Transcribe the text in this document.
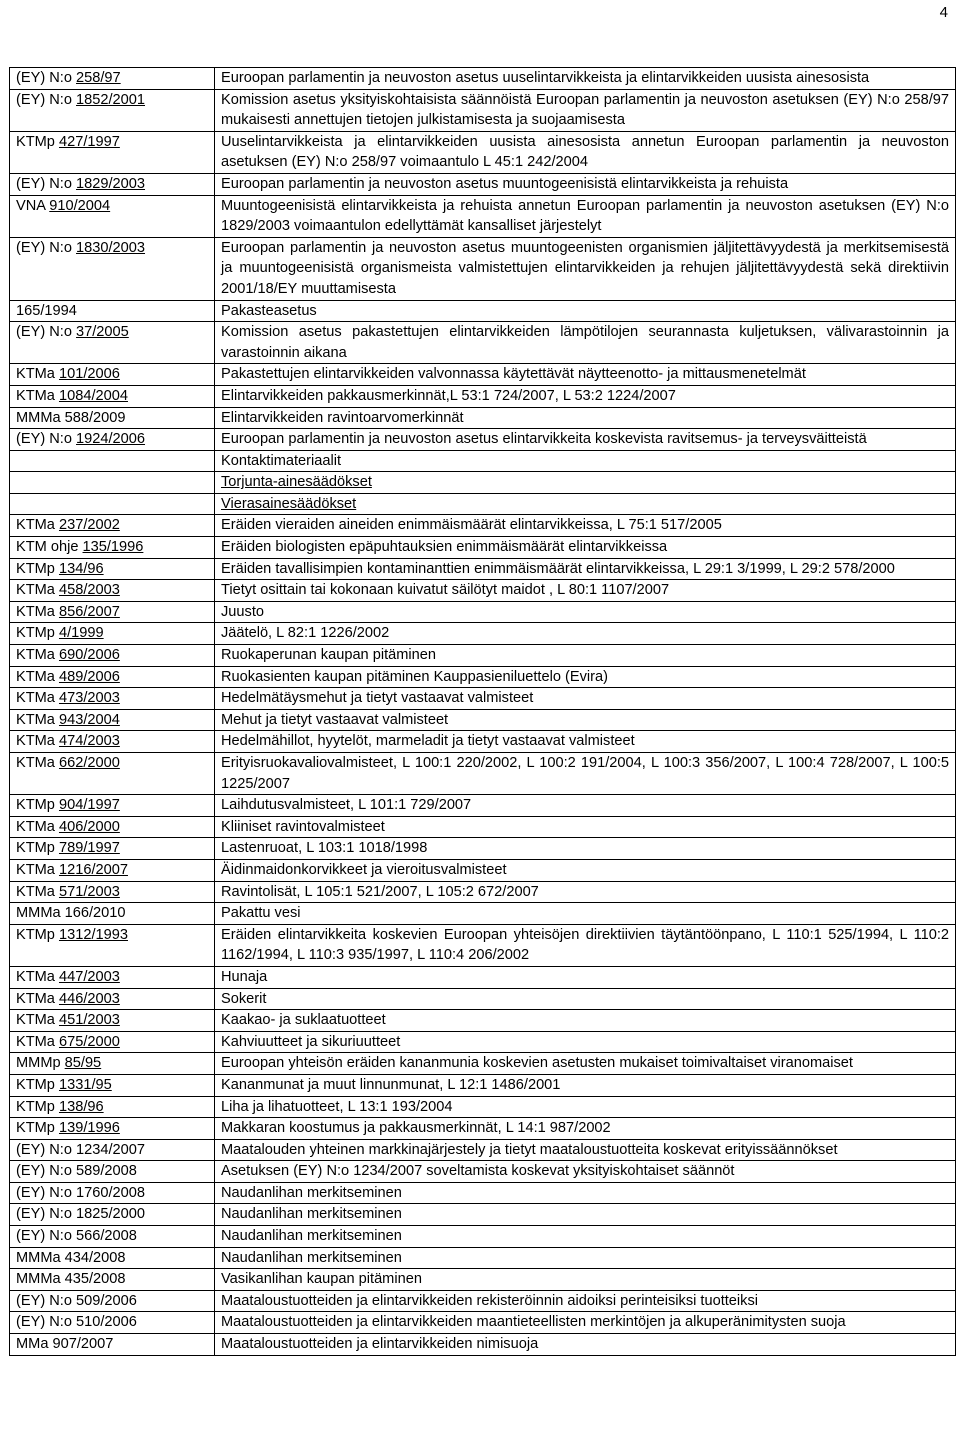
4
(EY) N:o 258/97	Euroopan parlamentin ja neuvoston asetus uuselintarvikkeista ja elintarvikkeiden uusista ainesosista
(EY) N:o 1852/2001	Komission asetus yksityiskohtaisista säännöistä Euroopan parlamentin ja neuvoston asetuksen (EY) N:o 258/97 mukaisesti annettujen tietojen julkistamisesta ja suojaamisesta
KTMp 427/1997	Uuselintarvikkeista ja elintarvikkeiden uusista ainesosista annetun Euroopan parlamentin ja neuvoston asetuksen (EY) N:o 258/97 voimaantulo L 45:1 242/2004
(EY) N:o 1829/2003	Euroopan parlamentin ja neuvoston asetus muuntogeenisistä elintarvikkeista ja rehuista
VNA 910/2004	Muuntogeenisistä elintarvikkeista ja rehuista annetun Euroopan parlamentin ja neuvoston asetuksen (EY) N:o 1829/2003 voimaantulon edellyttämät kansalliset järjestelyt
(EY) N:o 1830/2003	Euroopan parlamentin ja neuvoston asetus muuntogeenisten organismien jäljitettävyydestä ja merkitsemisestä ja muuntogeenisistä organismeista valmistettujen elintarvikkeiden ja rehujen jäljitettävyydestä sekä direktiivin 2001/18/EY muuttamisesta
165/1994	Pakasteasetus
(EY) N:o 37/2005	Komission asetus pakastettujen elintarvikkeiden lämpötilojen seurannasta kuljetuksen, välivarastoinnin ja varastoinnin aikana
KTMa 101/2006	Pakastettujen elintarvikkeiden valvonnassa käytettävät näytteenotto- ja mittausmenetelmät
KTMa 1084/2004	Elintarvikkeiden pakkausmerkinnät,L 53:1 724/2007, L 53:2 1224/2007
MMMa 588/2009	Elintarvikkeiden ravintoarvomerkinnät
(EY) N:o 1924/2006	Euroopan parlamentin ja neuvoston asetus elintarvikkeita koskevista ravitsemus- ja terveysväitteistä
	Kontaktimateriaalit
	Torjunta-ainesäädökset
	Vierasainesäädökset
KTMa 237/2002	Eräiden vieraiden aineiden enimmäismäärät elintarvikkeissa, L 75:1 517/2005
KTM ohje 135/1996	Eräiden biologisten epäpuhtauksien enimmäismäärät elintarvikkeissa
KTMp 134/96	Eräiden tavallisimpien kontaminanttien enimmäismäärät elintarvikkeissa, L 29:1 3/1999, L 29:2 578/2000
KTMa 458/2003	Tietyt osittain tai kokonaan kuivatut säilötyt maidot , L 80:1 1107/2007
KTMa 856/2007	Juusto
KTMp 4/1999	Jäätelö, L 82:1 1226/2002
KTMa 690/2006	Ruokaperunan kaupan pitäminen
KTMa 489/2006	Ruokasienten kaupan pitäminen Kauppasieniluettelo (Evira)
KTMa 473/2003	Hedelmätäysmehut ja tietyt vastaavat valmisteet
KTMa 943/2004	Mehut ja tietyt vastaavat valmisteet
KTMa 474/2003	Hedelmähillot, hyytelöt, marmeladit ja tietyt vastaavat valmisteet
KTMa 662/2000	Erityisruokavaliovalmisteet, L 100:1 220/2002, L 100:2 191/2004, L 100:3 356/2007, L 100:4 728/2007, L 100:5 1225/2007
KTMp 904/1997	Laihdutusvalmisteet, L 101:1 729/2007
KTMa 406/2000	Kliiniset ravintovalmisteet
KTMp 789/1997	Lastenruoat, L 103:1 1018/1998
KTMa 1216/2007	Äidinmaidonkorvikkeet ja vieroitusvalmisteet
KTMa 571/2003	Ravintolisät, L 105:1 521/2007, L 105:2 672/2007
MMMa 166/2010	Pakattu vesi
KTMp 1312/1993	Eräiden elintarvikkeita koskevien Euroopan yhteisöjen direktiivien täytäntöönpano, L 110:1 525/1994, L 110:2 1162/1994, L 110:3 935/1997, L 110:4 206/2002
KTMa 447/2003	Hunaja
KTMa 446/2003	Sokerit
KTMa 451/2003	Kaakao- ja suklaatuotteet
KTMa 675/2000	Kahviuutteet ja sikuriuutteet
MMMp 85/95	Euroopan yhteisön eräiden kananmunia koskevien asetusten mukaiset toimivaltaiset viranomaiset
KTMp 1331/95	Kananmunat ja muut linnunmunat, L 12:1 1486/2001
KTMp 138/96	Liha ja lihatuotteet, L 13:1 193/2004
KTMp 139/1996	Makkaran koostumus ja pakkausmerkinnät, L 14:1 987/2002
(EY) N:o 1234/2007	Maatalouden yhteinen markkinajärjestely ja tietyt maataloustuotteita koskevat erityissäännökset
(EY) N:o 589/2008	Asetuksen (EY) N:o 1234/2007 soveltamista koskevat yksityiskohtaiset säännöt
(EY) N:o 1760/2008	Naudanlihan merkitseminen
(EY) N:o 1825/2000	Naudanlihan merkitseminen
(EY) N:o 566/2008	Naudanlihan merkitseminen
MMMa 434/2008	Naudanlihan merkitseminen
MMMa 435/2008	Vasikanlihan kaupan pitäminen
(EY) N:o 509/2006	Maataloustuotteiden ja elintarvikkeiden rekisteröinnin aidoiksi perinteisiksi tuotteiksi
(EY) N:o 510/2006	Maataloustuotteiden ja elintarvikkeiden maantieteellisten merkintöjen ja alkuperänimitysten suoja
MMa 907/2007	Maataloustuotteiden ja elintarvikkeiden nimisuoja
